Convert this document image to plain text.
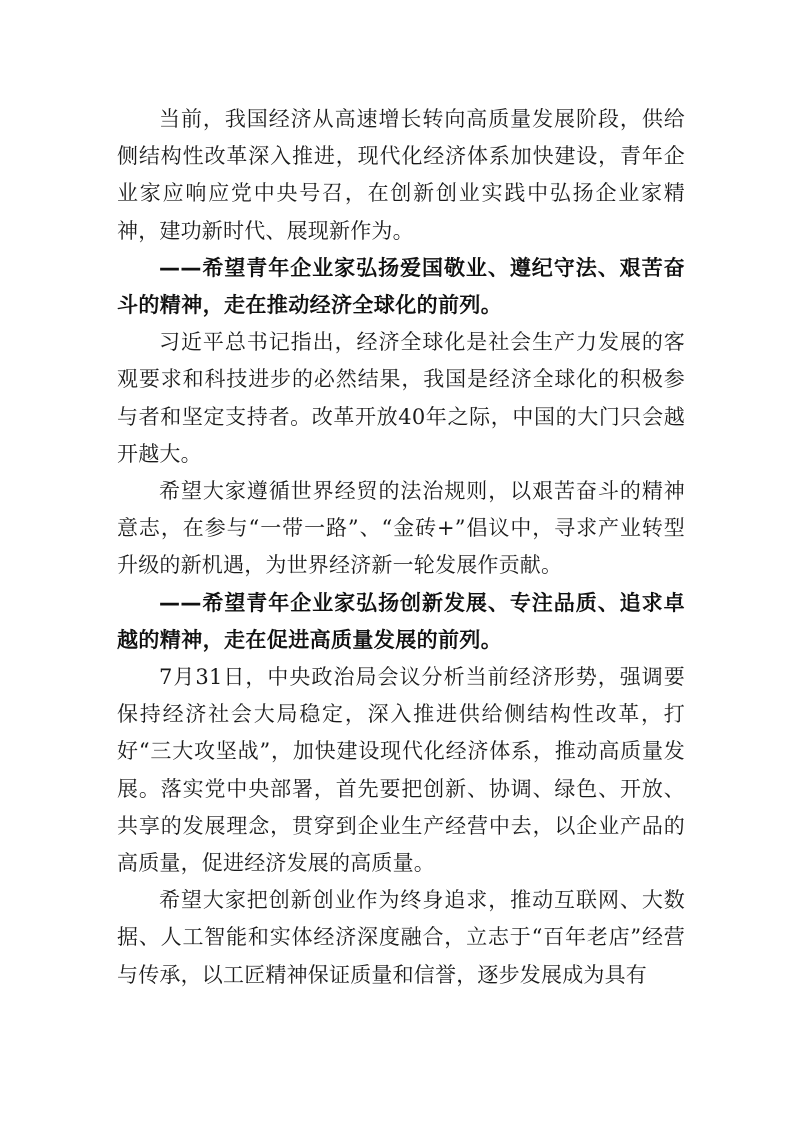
当前，我国经济从高速增长转向高质量发展阶段，供给侧结构性改革深入推进，现代化经济体系加快建设，青年企业家应响应党中央号召，在创新创业实践中弘扬企业家精神，建功新时代、展现新作为。

——希望青年企业家弘扬爱国敬业、遵纪守法、艰苦奋斗的精神，走在推动经济全球化的前列。

习近平总书记指出，经济全球化是社会生产力发展的客观要求和科技进步的必然结果，我国是经济全球化的积极参与者和坚定支持者。改革开放40年之际，中国的大门只会越开越大。

希望大家遵循世界经贸的法治规则，以艰苦奋斗的精神意志，在参与“一带一路”、“金砖+”倡议中，寻求产业转型升级的新机遇，为世界经济新一轮发展作贡献。

——希望青年企业家弘扬创新发展、专注品质、追求卓越的精神，走在促进高质量发展的前列。

7月31日，中央政治局会议分析当前经济形势，强调要保持经济社会大局稳定，深入推进供给侧结构性改革，打好“三大攻坚战”，加快建设现代化经济体系，推动高质量发展。落实党中央部署，首先要把创新、协调、绿色、开放、共享的发展理念，贯穿到企业生产经营中去，以企业产品的高质量，促进经济发展的高质量。

希望大家把创新创业作为终身追求，推动互联网、大数据、人工智能和实体经济深度融合，立志于“百年老店”经营与传承，以工匠精神保证质量和信誉，逐步发展成为具有
